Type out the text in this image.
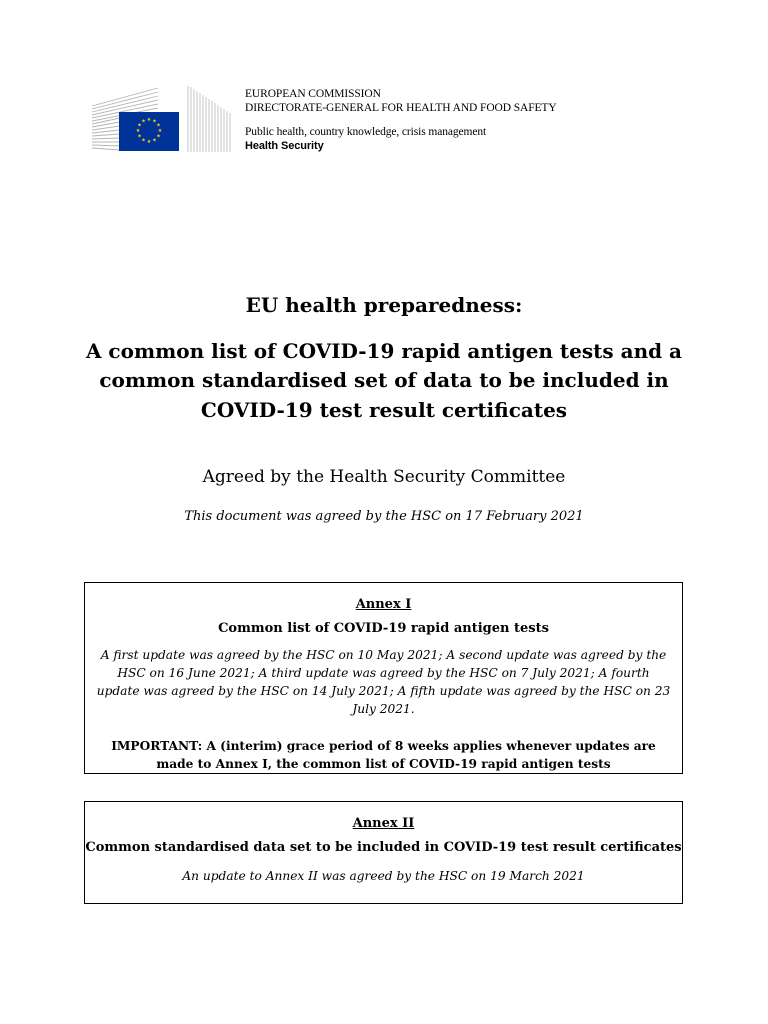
★ ★
★
★
★
★
★
★
★
★
★
★
EUROPEAN COMMISSION
DIRECTORATE-GENERAL FOR HEALTH AND FOOD SAFETY
Public health, country knowledge, crisis management
Health Security
EU health preparedness:
A common list of COVID-19 rapid antigen tests and a common standardised set of data to be included in COVID-19 test result certificates
Agreed by the Health Security Committee
This document was agreed by the HSC on 17 February 2021
Annex I
Common list of COVID-19 rapid antigen tests
A first update was agreed by the HSC on 10 May 2021; A second update was agreed by the HSC on 16 June 2021; A third update was agreed by the HSC on 7 July 2021; A fourth update was agreed by the HSC on 14 July 2021; A fifth update was agreed by the HSC on 23 July 2021.
IMPORTANT: A (interim) grace period of 8 weeks applies whenever updates are made to Annex I, the common list of COVID-19 rapid antigen tests
Annex II
Common standardised data set to be included in COVID-19 test result certificates
An update to Annex II was agreed by the HSC on 19 March 2021
